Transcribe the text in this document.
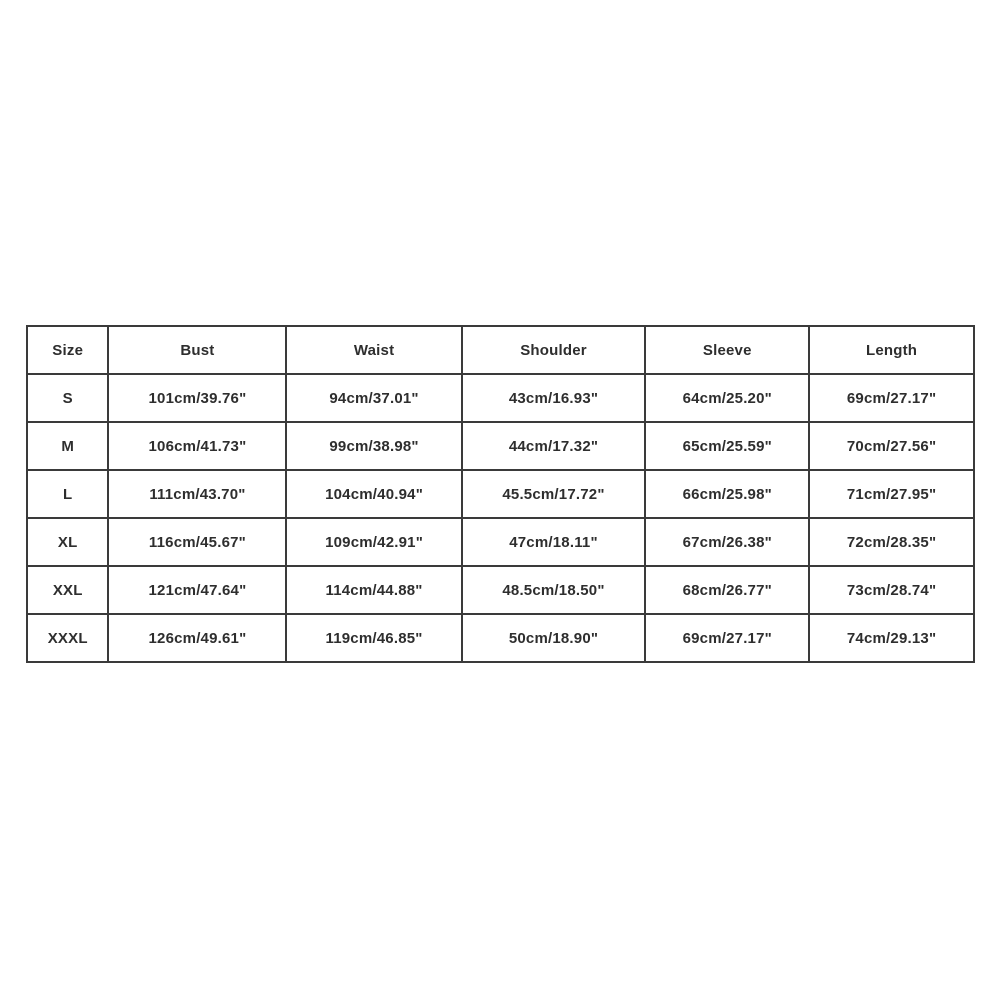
Size	Bust	Waist	Shoulder	Sleeve	Length
S	101cm/39.76"	94cm/37.01"	43cm/16.93"	64cm/25.20"	69cm/27.17"
M	106cm/41.73"	99cm/38.98"	44cm/17.32"	65cm/25.59"	70cm/27.56"
L	111cm/43.70"	104cm/40.94"	45.5cm/17.72"	66cm/25.98"	71cm/27.95"
XL	116cm/45.67"	109cm/42.91"	47cm/18.11"	67cm/26.38"	72cm/28.35"
XXL	121cm/47.64"	114cm/44.88"	48.5cm/18.50"	68cm/26.77"	73cm/28.74"
XXXL	126cm/49.61"	119cm/46.85"	50cm/18.90"	69cm/27.17"	74cm/29.13"
